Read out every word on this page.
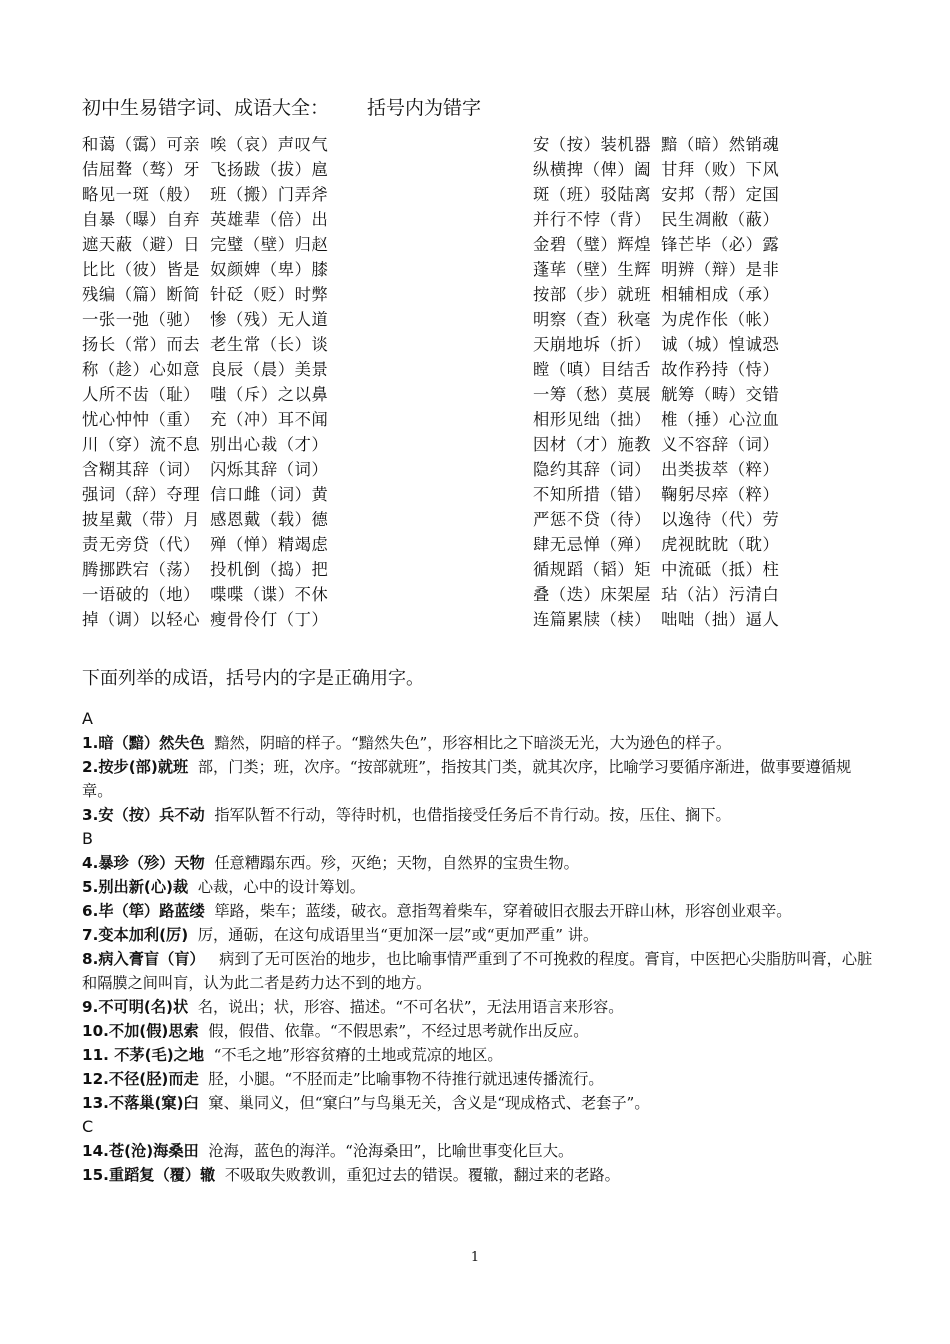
初中生易错字词、成语大全： 括号内为错字
和蔼（霭）可亲 唉（哀）声叹气
佶屈聱（骜）牙 飞扬跋（拔）扈
略见一斑（般） 班（搬）门弄斧
自暴（曝）自弃 英雄辈（倍）出
遮天蔽（避）日 完璧（壁）归赵
比比（彼）皆是 奴颜婢（卑）膝
残编（篇）断简 针砭（贬）时弊
一张一弛（驰） 惨（残）无人道
扬长（常）而去 老生常（长）谈
称（趁）心如意 良辰（晨）美景
人所不齿（耻） 嗤（斥）之以鼻
忧心忡忡（重） 充（冲）耳不闻
川（穿）流不息 别出心裁（才）
含糊其辞（词） 闪烁其辞（词）
强词（辞）夺理 信口雌（词）黄
披星戴（带）月 感恩戴（载）德
责无旁贷（代） 殚（惮）精竭虑
腾挪跌宕（荡） 投机倒（捣）把
一语破的（地） 喋喋（谍）不休
掉（调）以轻心 瘦骨伶仃（丁）
安（按）装机器 黯（暗）然销魂
纵横捭（俾）阖 甘拜（败）下风
斑（班）驳陆离 安邦（帮）定国
并行不悖（背） 民生凋敝（蔽）
金碧（璧）辉煌 锋芒毕（必）露
蓬荜（壁）生辉 明辨（辩）是非
按部（步）就班 相辅相成（承）
明察（查）秋毫 为虎作伥（帐）
天崩地坼（折） 诚（城）惶诚恐
瞠（嗔）目结舌 故作矜持（恃）
一筹（愁）莫展 觥筹（畴）交错
相形见绌（拙） 椎（捶）心泣血
因材（才）施教 义不容辞（词）
隐约其辞（词） 出类拔萃（粹）
不知所措（错） 鞠躬尽瘁（粹）
严惩不贷（待） 以逸待（代）劳
肆无忌惮（殚） 虎视眈眈（耽）
循规蹈（韬）矩 中流砥（抵）柱
叠（迭）床架屋 玷（沾）污清白
连篇累牍（椟） 咄咄（拙）逼人
下面列举的成语，括号内的字是正确用字。
A
1.暗（黯）然失色 黯然，阴暗的样子。“黯然失色”，形容相比之下暗淡无光，大为逊色的样子。
2.按步(部)就班 部，门类；班，次序。“按部就班”，指按其门类，就其次序，比喻学习要循序渐进，做事要遵循规章。
3.安（按）兵不动 指军队暂不行动，等待时机，也借指接受任务后不肯行动。按，压住、搁下。
B
4.暴珍（殄）天物 任意糟蹋东西。殄，灭绝；天物，自然界的宝贵生物。
5.别出新(心)裁 心裁，心中的设计筹划。
6.毕（筚）路蓝缕 筚路，柴车；蓝缕，破衣。意指驾着柴车，穿着破旧衣服去开辟山林，形容创业艰辛。
7.变本加利(厉) 厉，通砺，在这句成语里当“更加深一层”或“更加严重” 讲。
8.病入膏盲（肓）   病到了无可医治的地步，也比喻事情严重到了不可挽救的程度。膏肓，中医把心尖脂肪叫膏，心脏和隔膜之间叫肓，认为此二者是药力达不到的地方。
9.不可明(名)状 名，说出；状，形容、描述。“不可名状”，无法用语言来形容。
10.不加(假)思索 假，假借、依靠。“不假思索”，不经过思考就作出反应。
11. 不茅(毛)之地 “不毛之地”形容贫瘠的土地或荒凉的地区。
12.不径(胫)而走 胫，小腿。“不胫而走”比喻事物不待推行就迅速传播流行。
13.不落巢(窠)臼 窠、巢同义，但“窠臼”与鸟巢无关，含义是“现成格式、老套子”。
C
14.苍(沧)海桑田 沧海，蓝色的海洋。“沧海桑田”，比喻世事变化巨大。
15.重蹈复（覆）辙 不吸取失败教训，重犯过去的错误。覆辙，翻过来的老路。
1
